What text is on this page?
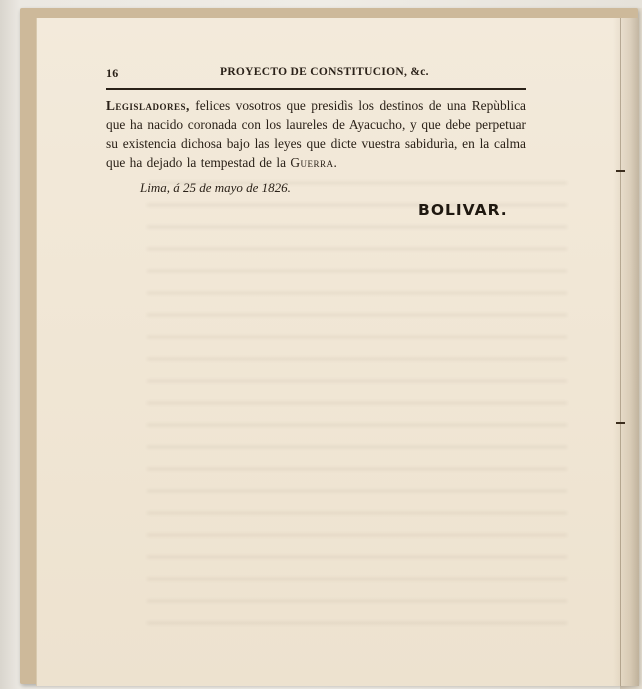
16	PROYECTO DE CONSTITUCION, &c.
Legisladores, felices vosotros que presidìs los destinos de una Repùblica que ha nacido coronada con los laureles de Ayacucho, y que debe perpetuar su existencia dichosa bajo las leyes que dicte vuestra sabidurìa, en la calma que ha dejado la tempestad de la Guerra.
Lima, á 25 de mayo de 1826.
BOLIVAR.
